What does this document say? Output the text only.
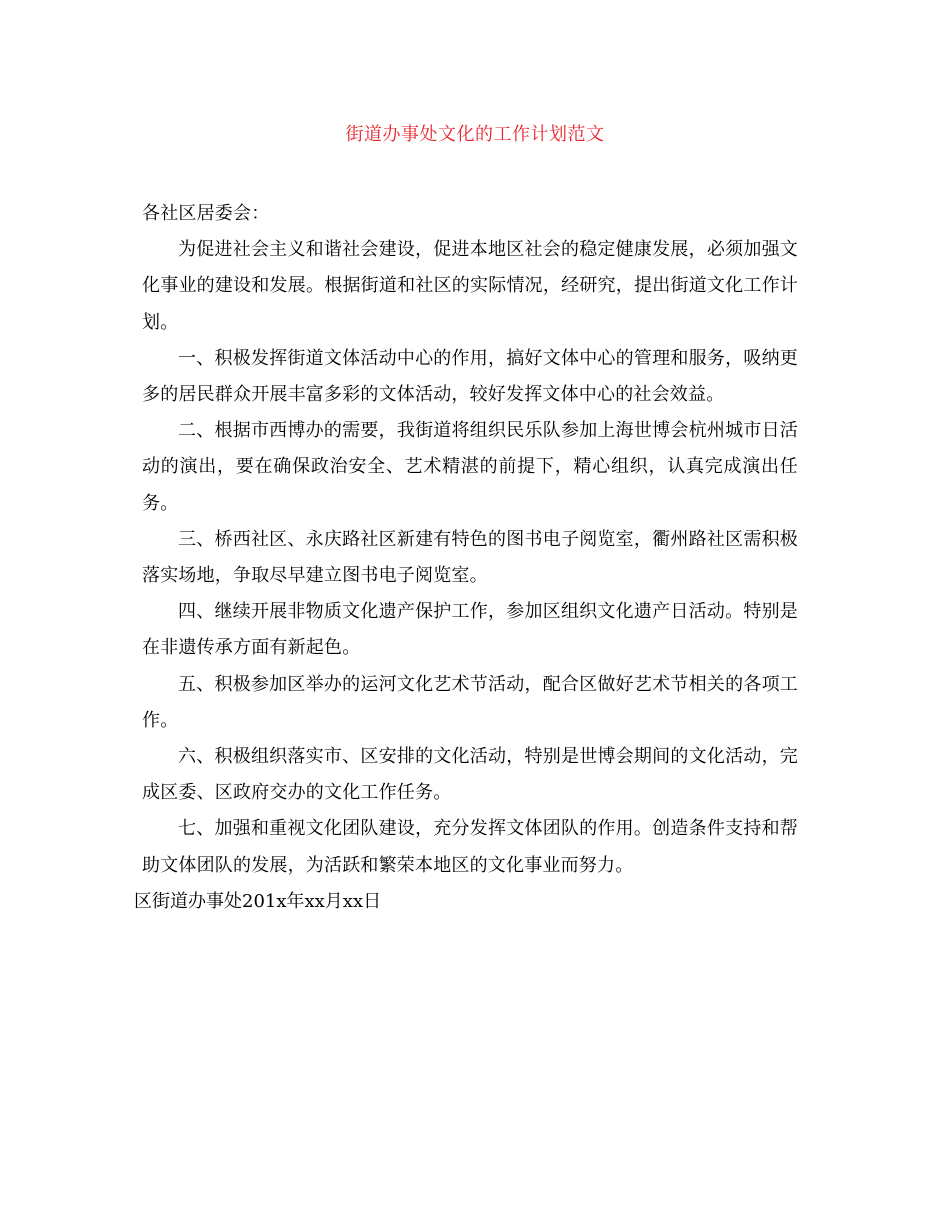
街道办事处文化的工作计划范文

各社区居委会：

为促进社会主义和谐社会建设，促进本地区社会的稳定健康发展，必须加强文化事业的建设和发展。根据街道和社区的实际情况，经研究，提出街道文化工作计划。

一、积极发挥街道文体活动中心的作用，搞好文体中心的管理和服务，吸纳更多的居民群众开展丰富多彩的文体活动，较好发挥文体中心的社会效益。

二、根据市西博办的需要，我街道将组织民乐队参加上海世博会杭州城市日活动的演出，要在确保政治安全、艺术精湛的前提下，精心组织，认真完成演出任务。

三、桥西社区、永庆路社区新建有特色的图书电子阅览室，衢州路社区需积极落实场地，争取尽早建立图书电子阅览室。

四、继续开展非物质文化遗产保护工作，参加区组织文化遗产日活动。特别是在非遗传承方面有新起色。

五、积极参加区举办的运河文化艺术节活动，配合区做好艺术节相关的各项工作。

六、积极组织落实市、区安排的文化活动，特别是世博会期间的文化活动，完成区委、区政府交办的文化工作任务。

七、加强和重视文化团队建设，充分发挥文体团队的作用。创造条件支持和帮助文体团队的发展，为活跃和繁荣本地区的文化事业而努力。

区街道办事处201x年xx月xx日
